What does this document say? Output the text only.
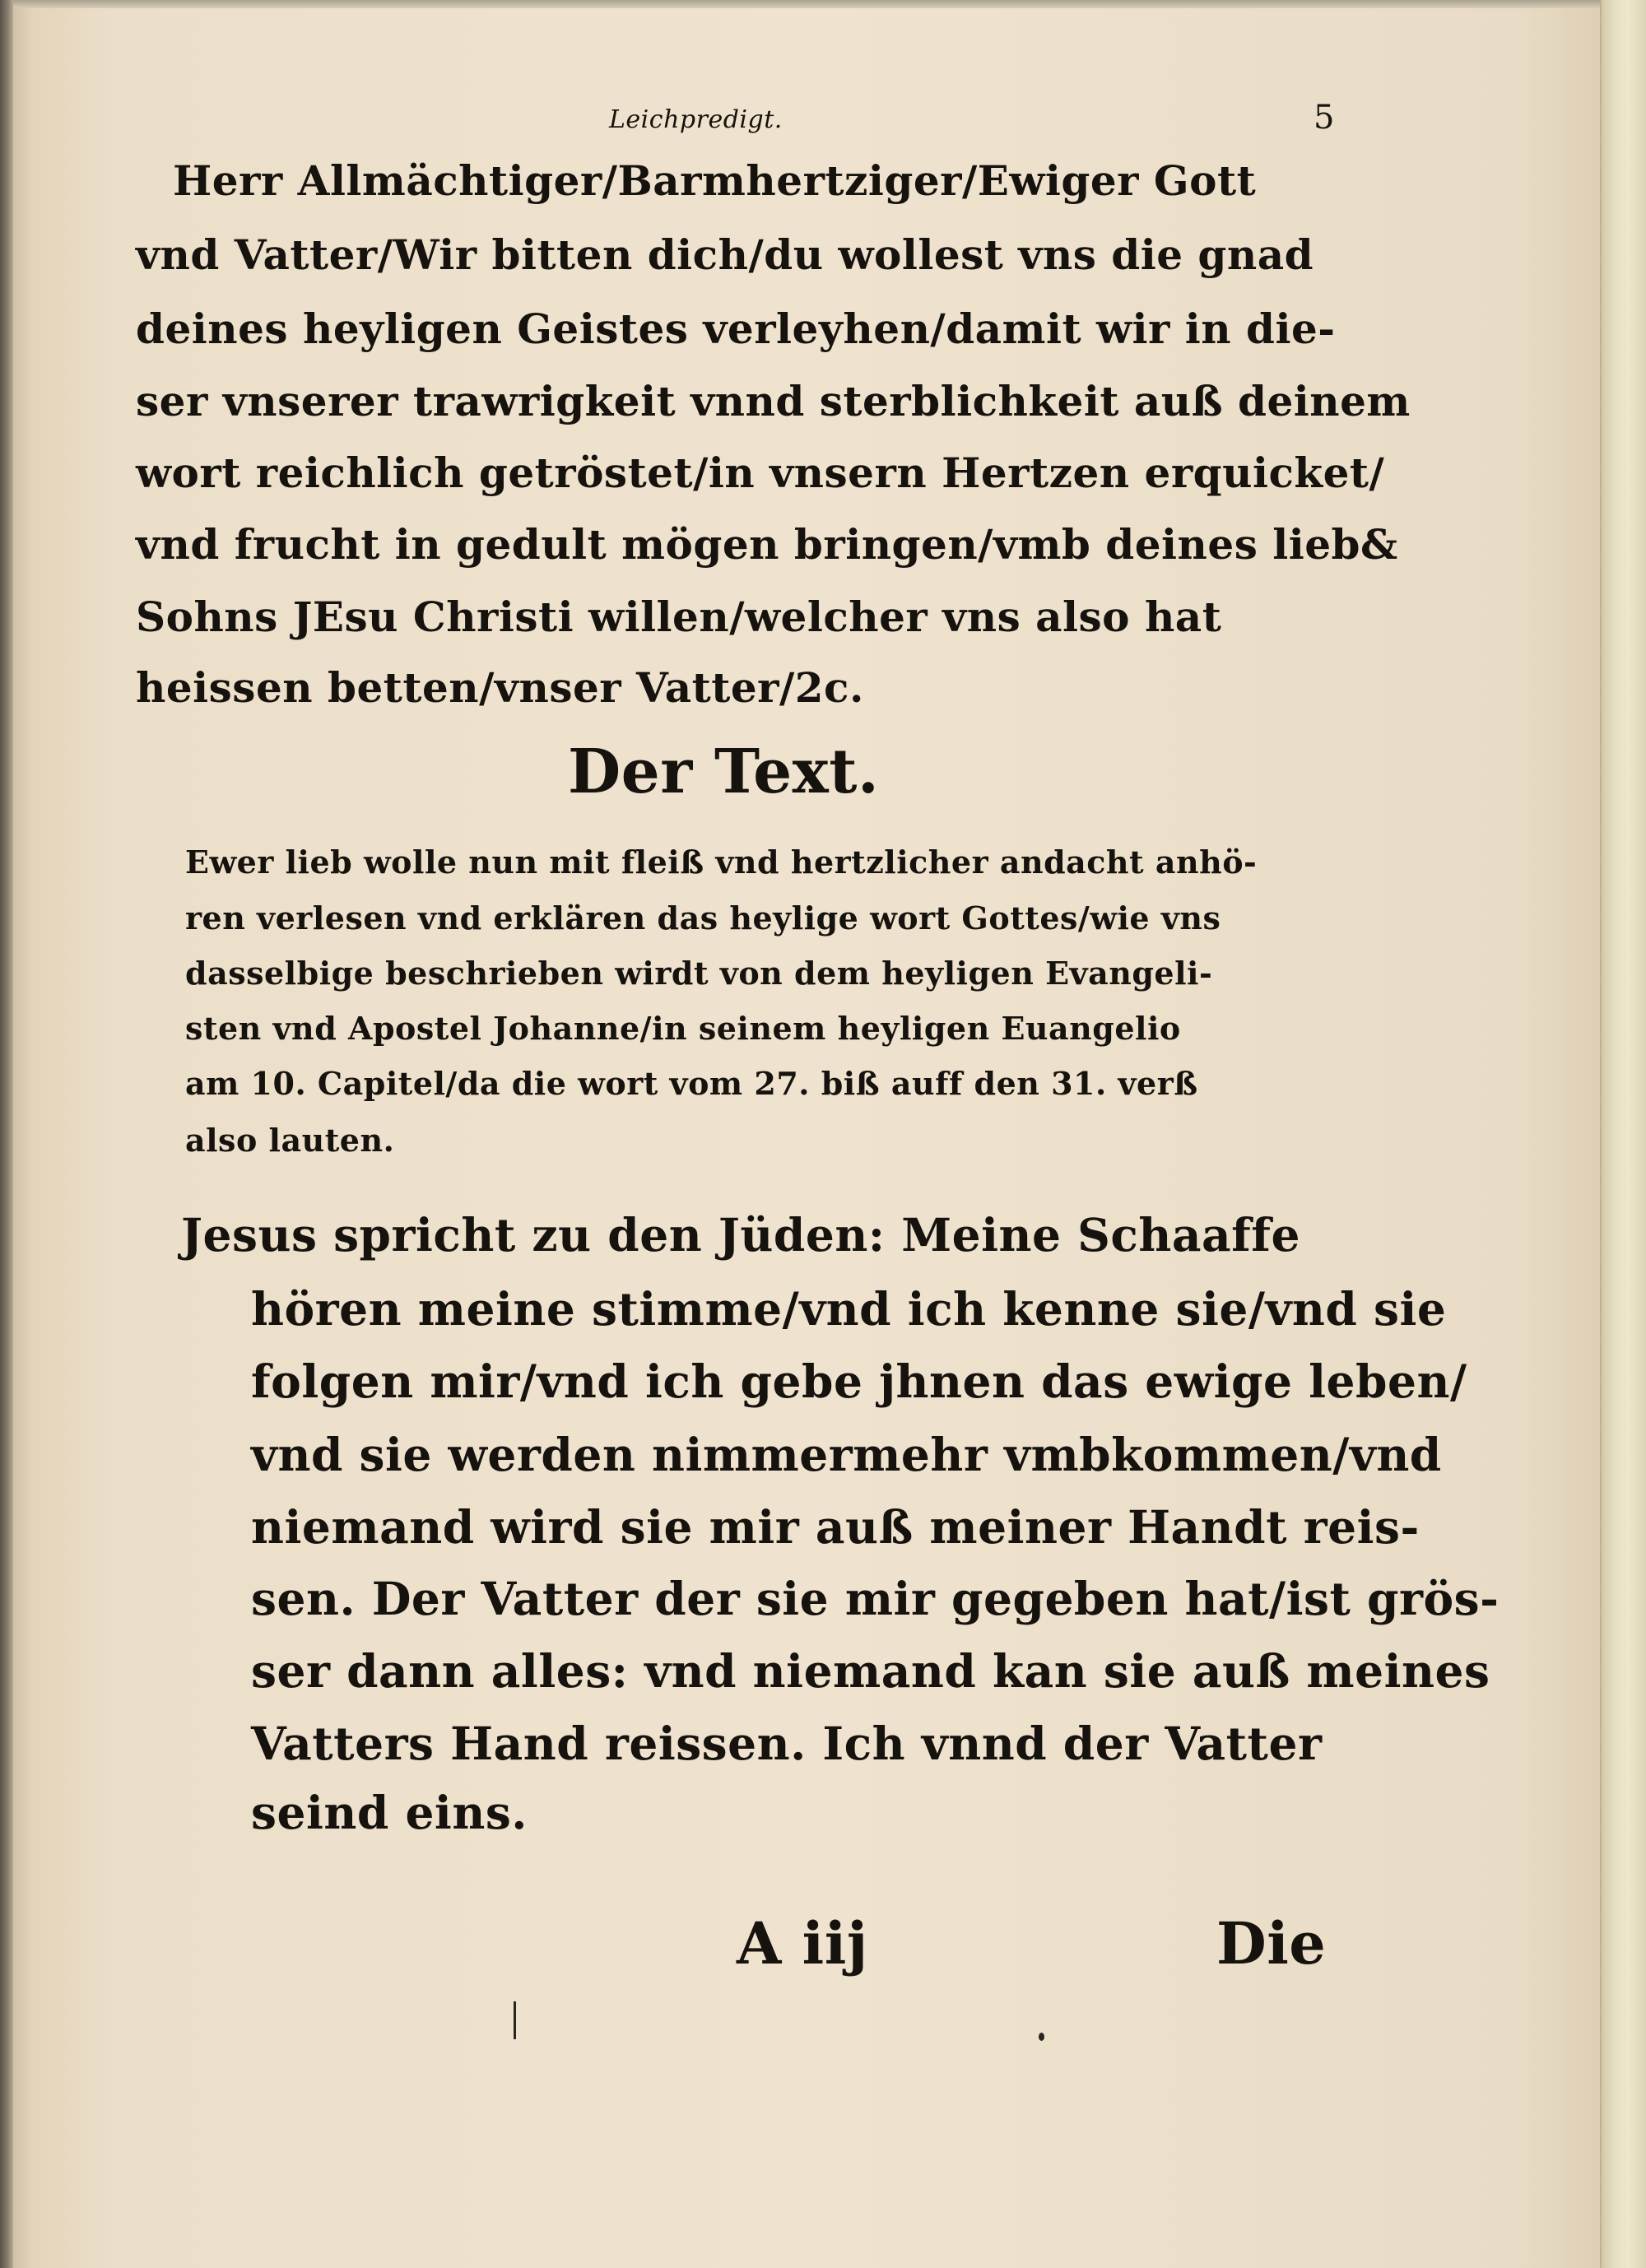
Leichpredigt.	5
Herr Allmächtiger/Barmhertziger/Ewiger Gott
vnd Vatter/Wir bitten dich/du wollest vns die gnad
deines heyligen Geistes verleyhen/damit wir in die-
ser vnserer trawrigkeit vnnd sterblichkeit auß deinem
wort reichlich getröstet/in vnsern Hertzen erquicket/
vnd frucht in gedult mögen bringen/vmb deines lieb&
Sohns JEsu Christi willen/welcher vns also hat
heissen betten/vnser Vatter/2c.
Der Text.
Ewer lieb wolle nun mit fleiß vnd hertzlicher andacht anhö-
ren verlesen vnd erklären das heylige wort Gottes/wie vns
dasselbige beschrieben wirdt von dem heyligen Evangeli-
sten vnd Apostel Johanne/in seinem heyligen Euangelio
am 10. Capitel/da die wort vom 27. biß auff den 31. verß
also lauten.
Jesus spricht zu den Jüden: Meine Schaaffe
hören meine stimme/vnd ich kenne sie/vnd sie
folgen mir/vnd ich gebe jhnen das ewige leben/
vnd sie werden nimmermehr vmbkommen/vnd
niemand wird sie mir auß meiner Handt reis-
sen. Der Vatter der sie mir gegeben hat/ist grös-
ser dann alles: vnd niemand kan sie auß meines
Vatters Hand reissen. Ich vnnd der Vatter
seind eins.
A iij	Die
